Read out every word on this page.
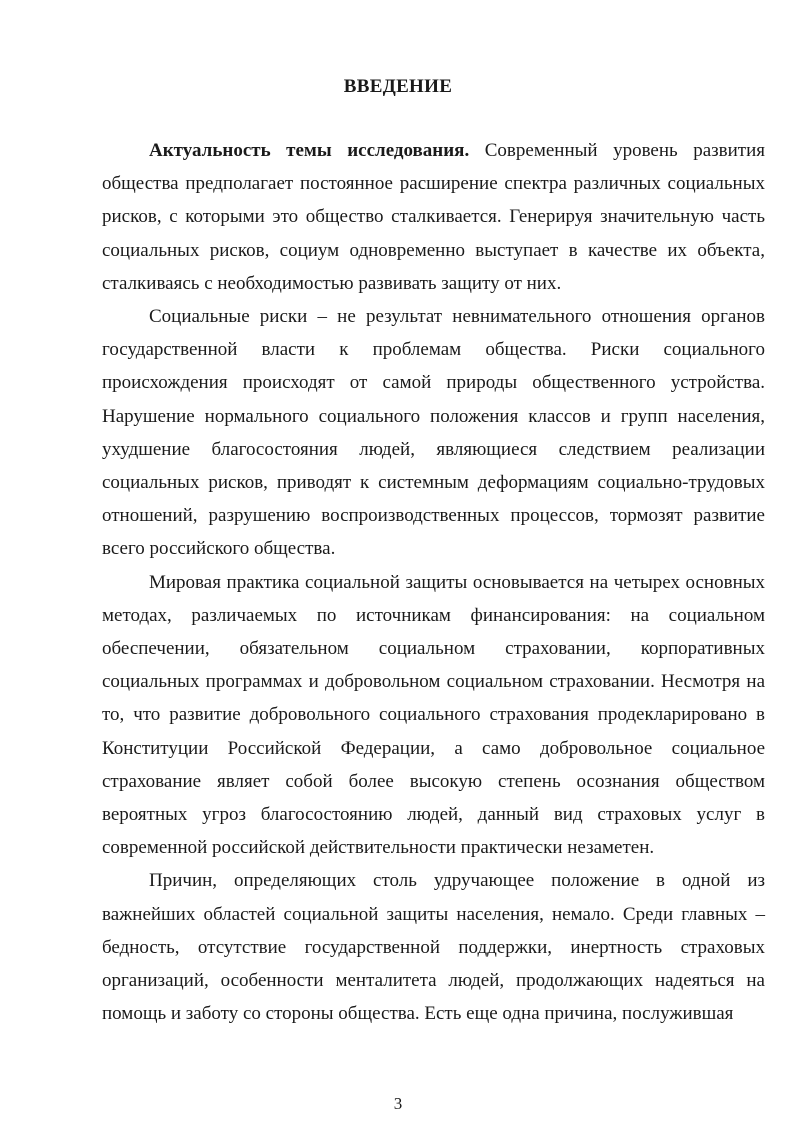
ВВЕДЕНИЕ

Актуальность темы исследования. Современный уровень развития общества предполагает постоянное расширение спектра различных социальных рисков, с которыми это общество сталкивается. Генерируя значительную часть социальных рисков, социум одновременно выступает в качестве их объекта, сталкиваясь с необходимостью развивать защиту от них.

Социальные риски – не результат невнимательного отношения органов государственной власти к проблемам общества. Риски социального происхождения происходят от самой природы общественного устройства. Нарушение нормального социального положения классов и групп населения, ухудшение благосостояния людей, являющиеся следствием реализации социальных рисков, приводят к системным деформациям социально-трудовых отношений, разрушению воспроизводственных процессов, тормозят развитие всего российского общества.

Мировая практика социальной защиты основывается на четырех основных методах, различаемых по источникам финансирования: на социальном обеспечении, обязательном социальном страховании, корпоративных социальных программах и добровольном социальном страховании. Несмотря на то, что развитие добровольного социального страхования продекларировано в Конституции Российской Федерации, а само добровольное социальное страхование являет собой более высокую степень осознания обществом вероятных угроз благосостоянию людей, данный вид страховых услуг в современной российской действительности практически незаметен.

Причин, определяющих столь удручающее положение в одной из важнейших областей социальной защиты населения, немало. Среди главных – бедность, отсутствие государственной поддержки, инертность страховых организаций, особенности менталитета людей, продолжающих надеяться на помощь и заботу со стороны общества. Есть еще одна причина, послужившая

3
